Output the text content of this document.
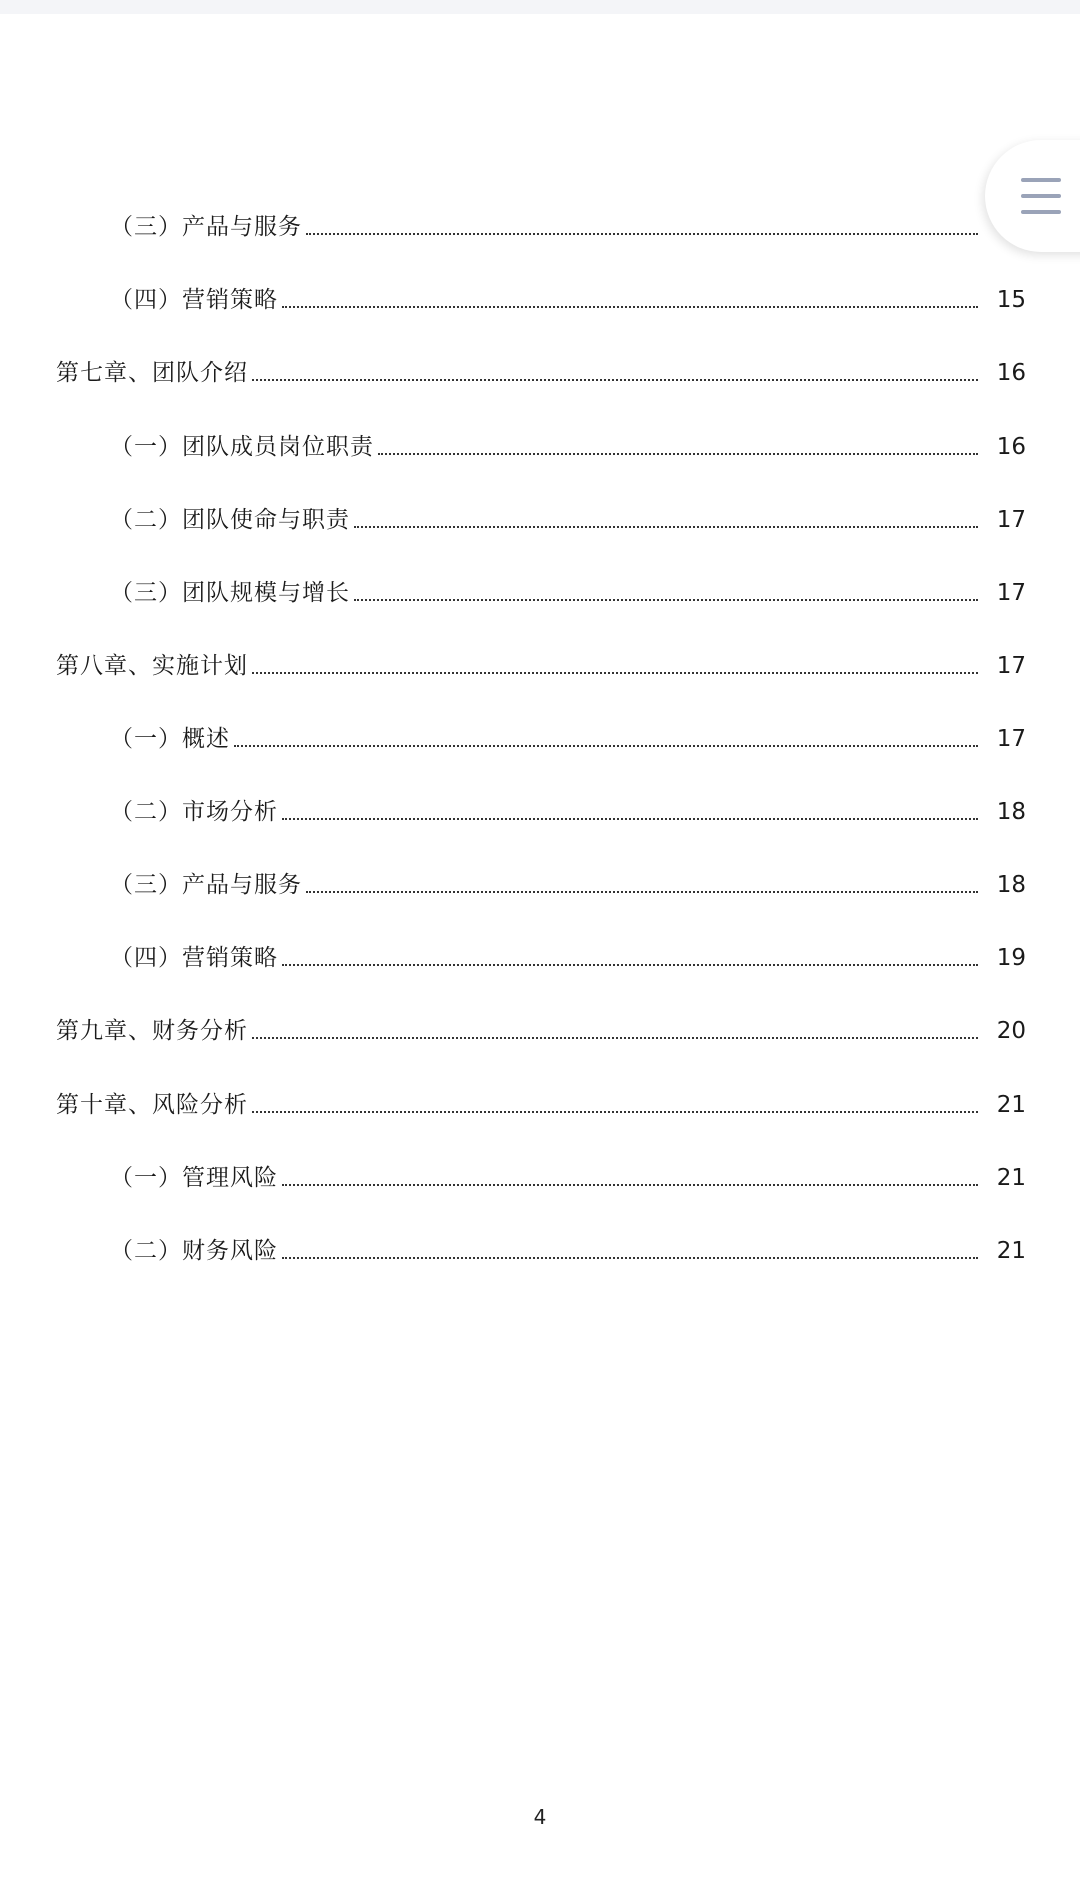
（三）产品与服务
（四）营销策略	15
第七章、团队介绍	16
（一）团队成员岗位职责	16
（二）团队使命与职责	17
（三）团队规模与增长	17
第八章、实施计划	17
（一）概述	17
（二）市场分析	18
（三）产品与服务	18
（四）营销策略	19
第九章、财务分析	20
第十章、风险分析	21
（一）管理风险	21
（二）财务风险	21
4
